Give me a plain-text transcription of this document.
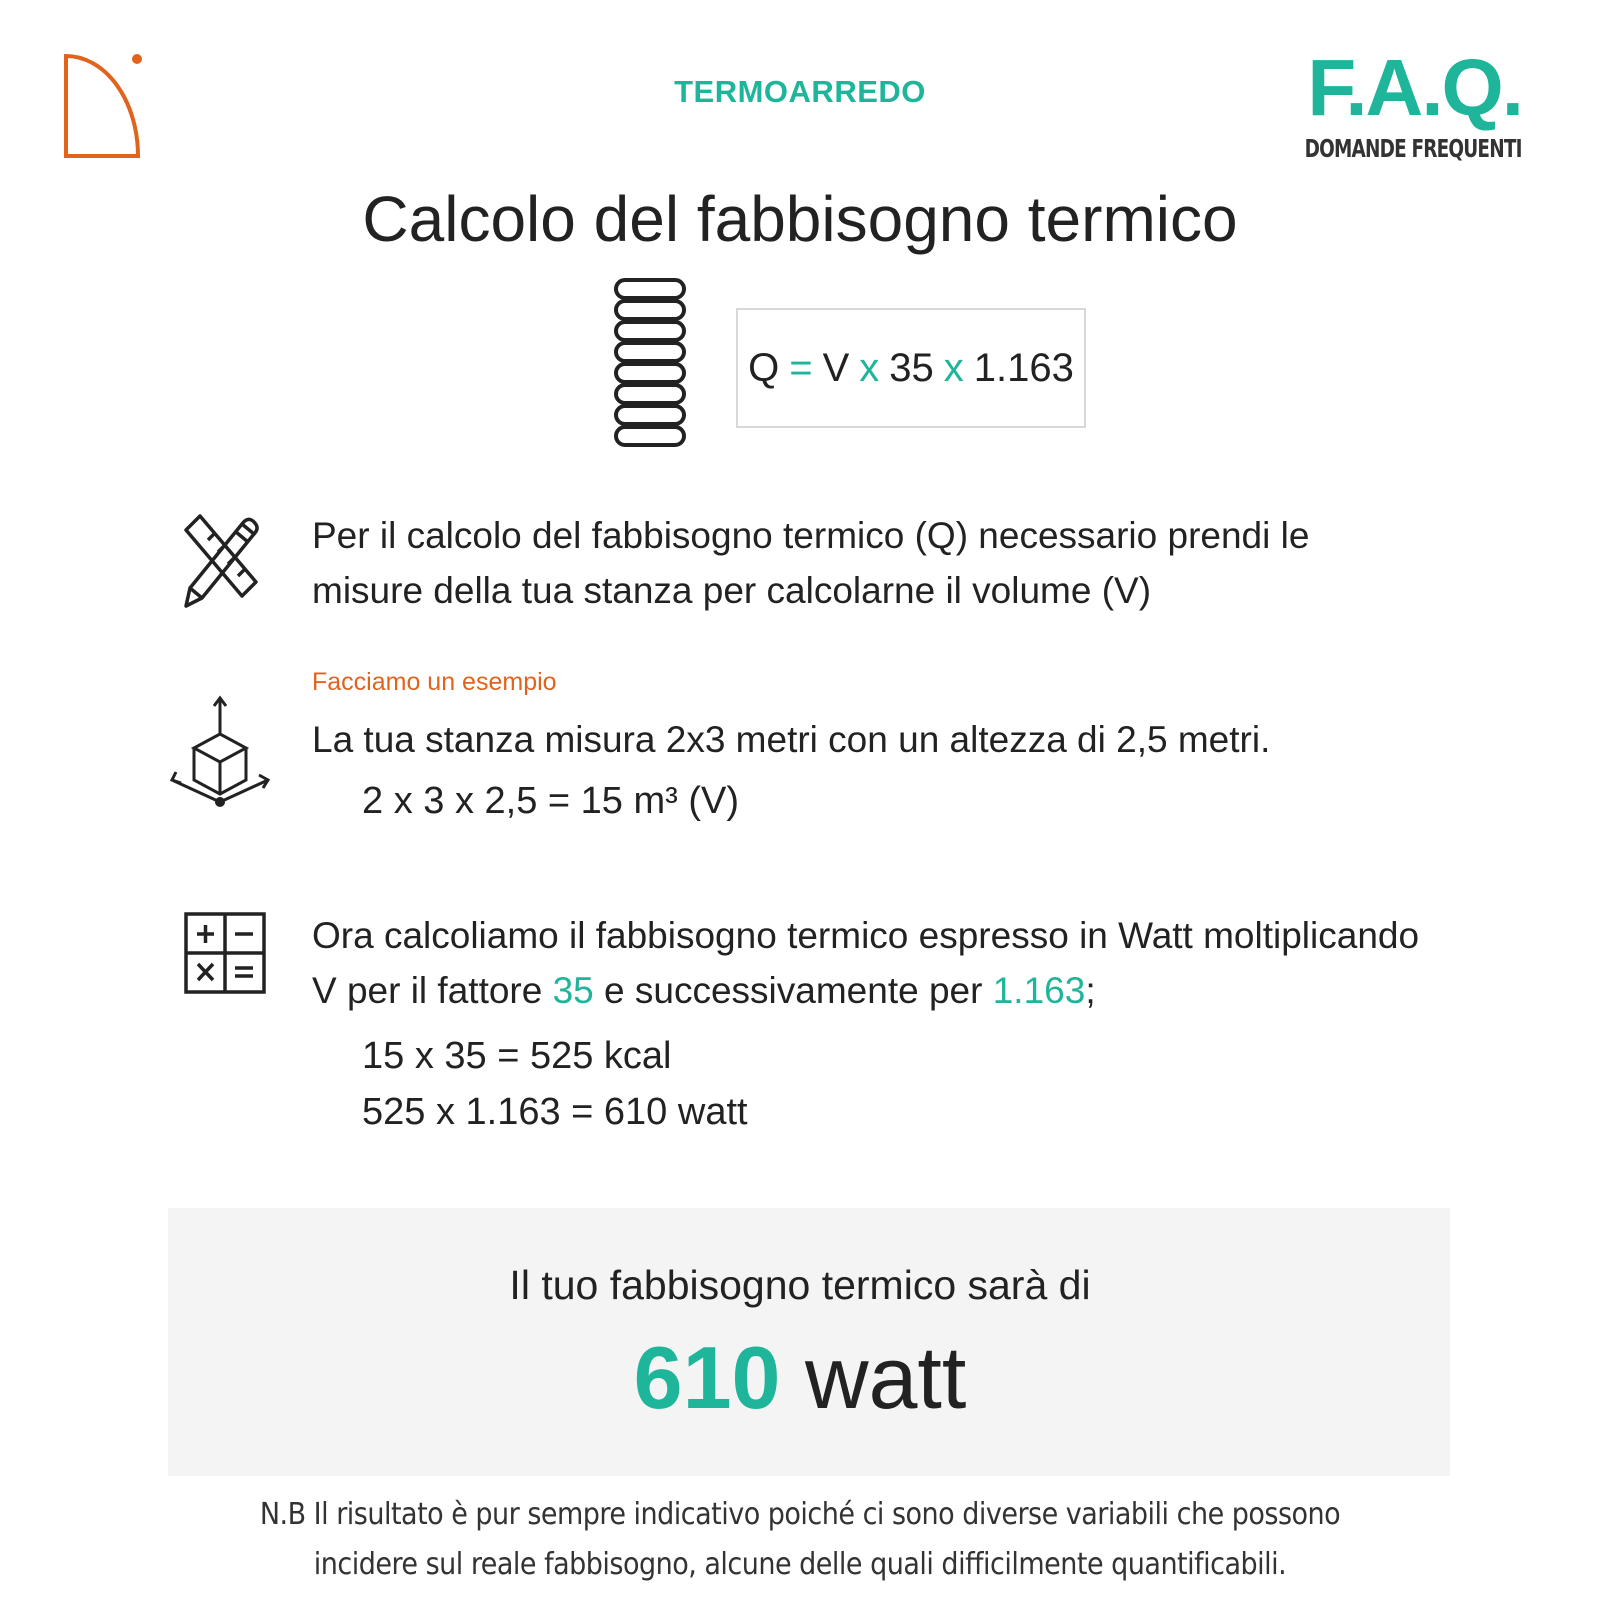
TERMOARREDO	F.A.Q.
DOMANDE FREQUENTI
Calcolo del fabbisogno termico
Q = V x 35 x 1.163
Per il calcolo del fabbisogno termico (Q) necessario prendi le
misure della tua stanza per calcolarne il volume (V)
Facciamo un esempio
La tua stanza misura 2x3 metri con un altezza di 2,5 metri.
2 x 3 x 2,5 = 15 m³ (V)
Ora calcoliamo il fabbisogno termico espresso in Watt moltiplicando
V per il fattore 35 e successivamente per 1.163;
15 x 35 = 525 kcal
525 x 1.163 = 610 watt
Il tuo fabbisogno termico sarà di
610 watt
N.B Il risultato è pur sempre indicativo poiché ci sono diverse variabili che possono
incidere sul reale fabbisogno, alcune delle quali difficilmente quantificabili.
